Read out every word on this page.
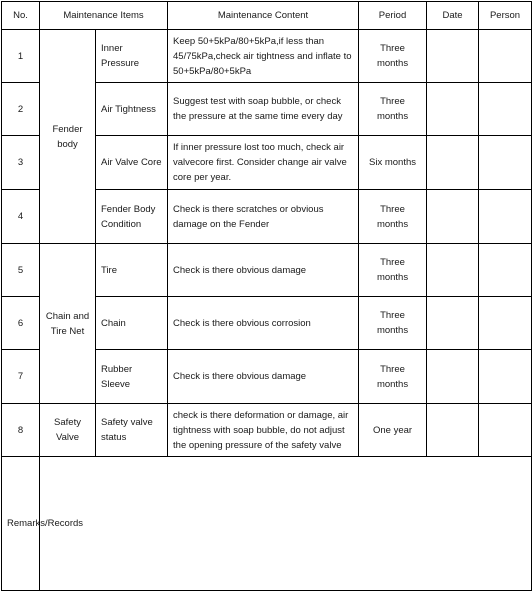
No.	Maintenance Items		Maintenance Content	Period	Date	Person
1	Fender body	Inner Pressure	Keep 50+5kPa/80+5kPa,if less than 45/75kPa,check air tightness and inflate to 50+5kPa/80+5kPa	Three months		
2		Air Tightness	Suggest test with soap bubble, or check the pressure at the same time every day	Three months		
3		Air Valve Core	If inner pressure lost too much, check air valvecore first. Consider change air valve core per year.	Six months		
4		Fender Body Condition	Check is there scratches or obvious damage on the Fender	Three months		
5	Chain and Tire Net	Tire	Check is there obvious damage	Three months		
6		Chain	Check is there obvious corrosion	Three months		
7		Rubber Sleeve	Check is there obvious damage	Three months		
8	Safety Valve	Safety valve status	check is there deformation or damage, air tightness with soap bubble, do not adjust the opening pressure of the safety valve	One year		
Remarks/Records						
